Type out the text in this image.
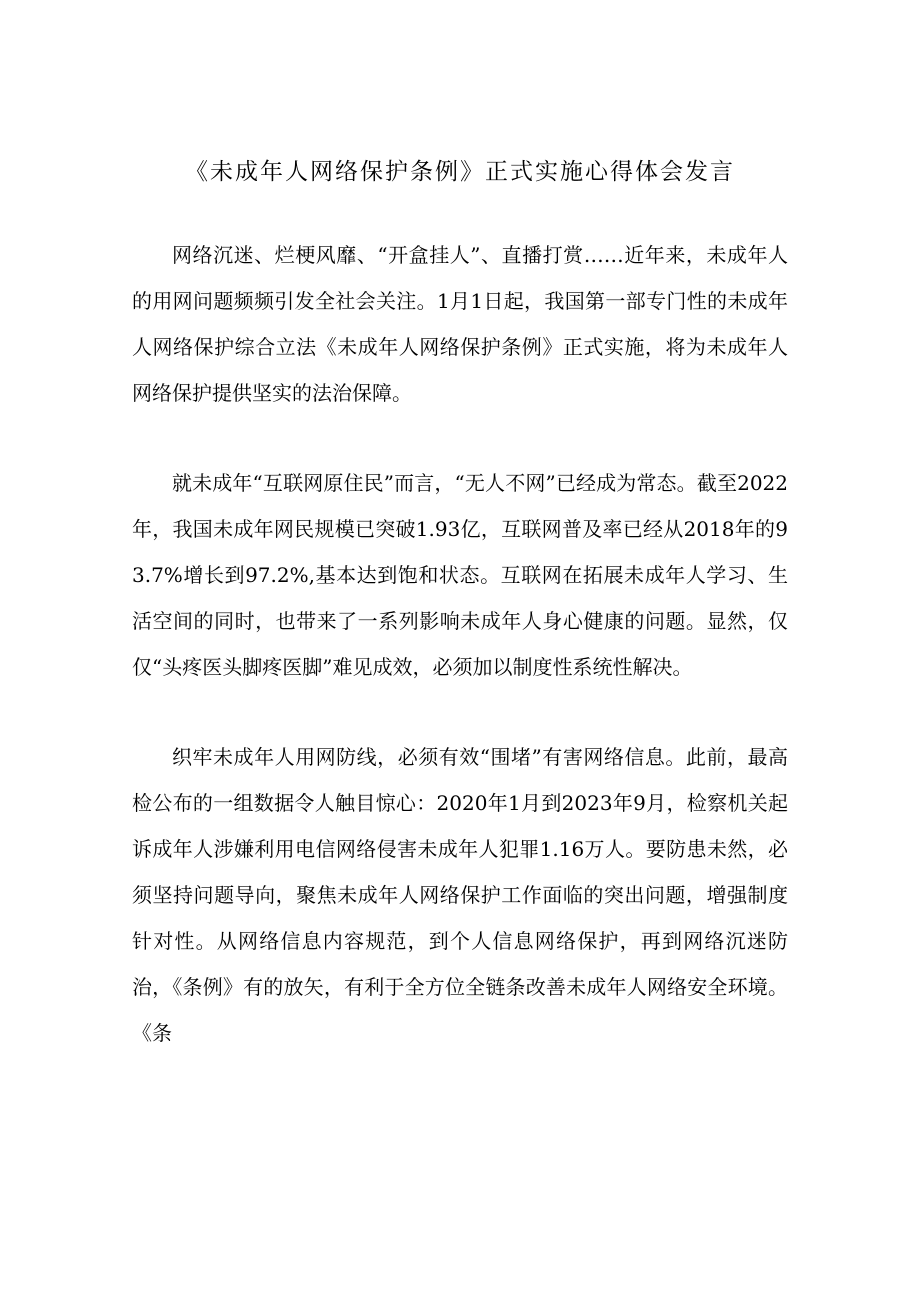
《未成年人网络保护条例》正式实施心得体会发言

网络沉迷、烂梗风靡、“开盒挂人”、直播打赏……近年来，未成年人的用网问题频频引发全社会关注。1月1日起，我国第一部专门性的未成年人网络保护综合立法《未成年人网络保护条例》正式实施，将为未成年人网络保护提供坚实的法治保障。

就未成年“互联网原住民”而言，“无人不网”已经成为常态。截至2022年，我国未成年网民规模已突破1.93亿，互联网普及率已经从2018年的93.7%增长到97.2%,基本达到饱和状态。互联网在拓展未成年人学习、生活空间的同时，也带来了一系列影响未成年人身心健康的问题。显然，仅仅“头疼医头脚疼医脚”难见成效，必须加以制度性系统性解决。

织牢未成年人用网防线，必须有效“围堵”有害网络信息。此前，最高检公布的一组数据令人触目惊心：2020年1月到2023年9月，检察机关起诉成年人涉嫌利用电信网络侵害未成年人犯罪1.16万人。要防患未然，必须坚持问题导向，聚焦未成年人网络保护工作面临的突出问题，增强制度针对性。从网络信息内容规范，到个人信息网络保护，再到网络沉迷防治，《条例》有的放矢，有利于全方位全链条改善未成年人网络安全环境。《条
